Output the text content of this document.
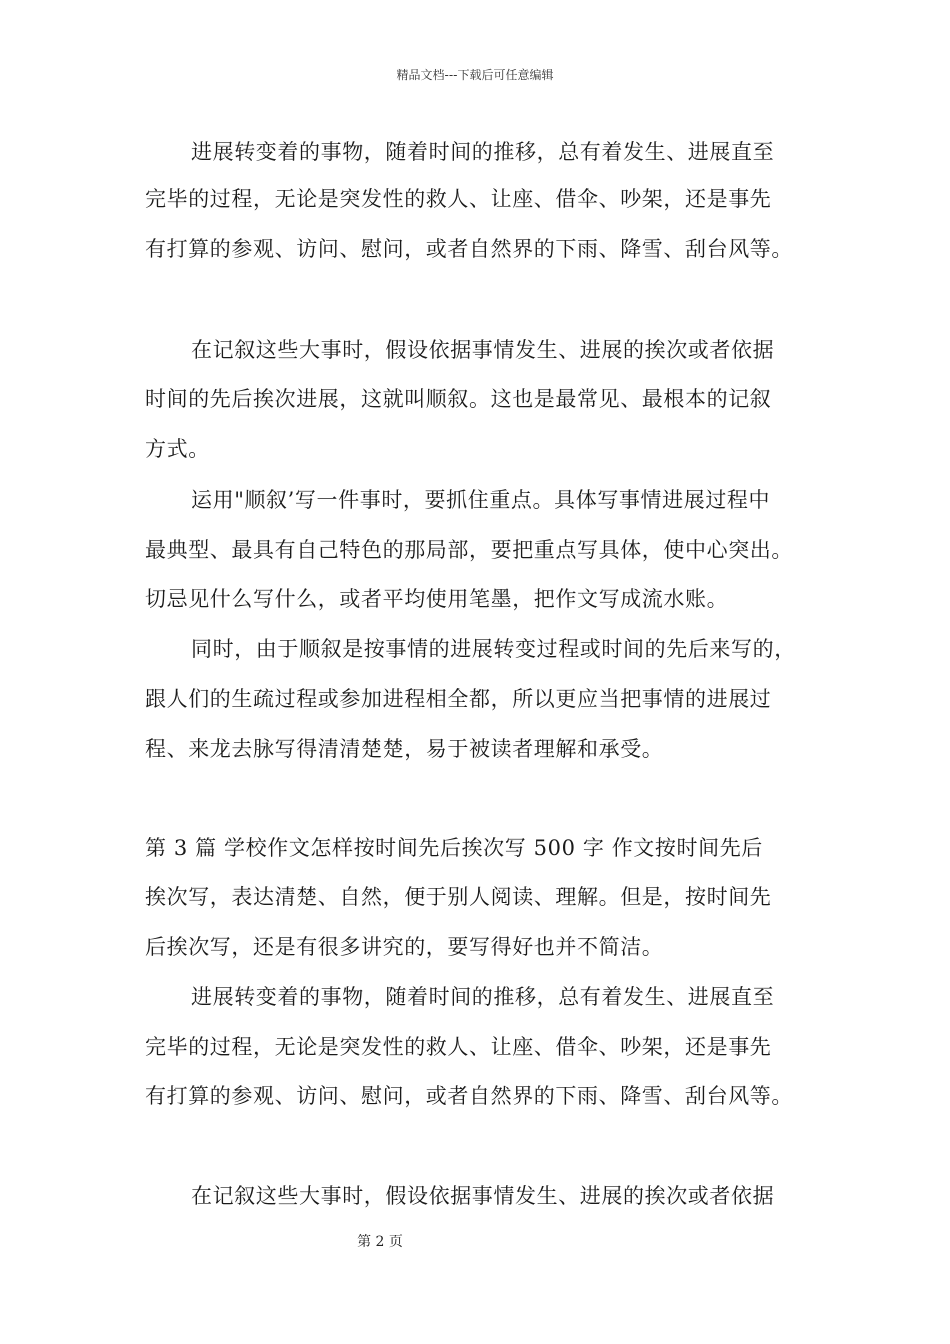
精品文档---下载后可任意编辑
进展转变着的事物，随着时间的推移，总有着发生、进展直至
完毕的过程，无论是突发性的救人、让座、借伞、吵架，还是事先
有打算的参观、访问、慰问，或者自然界的下雨、降雪、刮台风等。
在记叙这些大事时，假设依据事情发生、进展的挨次或者依据
时间的先后挨次进展，这就叫顺叙。这也是最常见、最根本的记叙
方式。
运用"顺叙’写一件事时，要抓住重点。具体写事情进展过程中
最典型、最具有自己特色的那局部，要把重点写具体，使中心突出。
切忌见什么写什么，或者平均使用笔墨，把作文写成流水账。
同时，由于顺叙是按事情的进展转变过程或时间的先后来写的，
跟人们的生疏过程或参加进程相全都，所以更应当把事情的进展过
程、来龙去脉写得清清楚楚，易于被读者理解和承受。
第 3 篇 学校作文怎样按时间先后挨次写 500 字 作文按时间先后
挨次写，表达清楚、自然，便于别人阅读、理解。但是，按时间先
后挨次写，还是有很多讲究的，要写得好也并不简洁。
进展转变着的事物，随着时间的推移，总有着发生、进展直至
完毕的过程，无论是突发性的救人、让座、借伞、吵架，还是事先
有打算的参观、访问、慰问，或者自然界的下雨、降雪、刮台风等。
在记叙这些大事时，假设依据事情发生、进展的挨次或者依据
第 2 页
